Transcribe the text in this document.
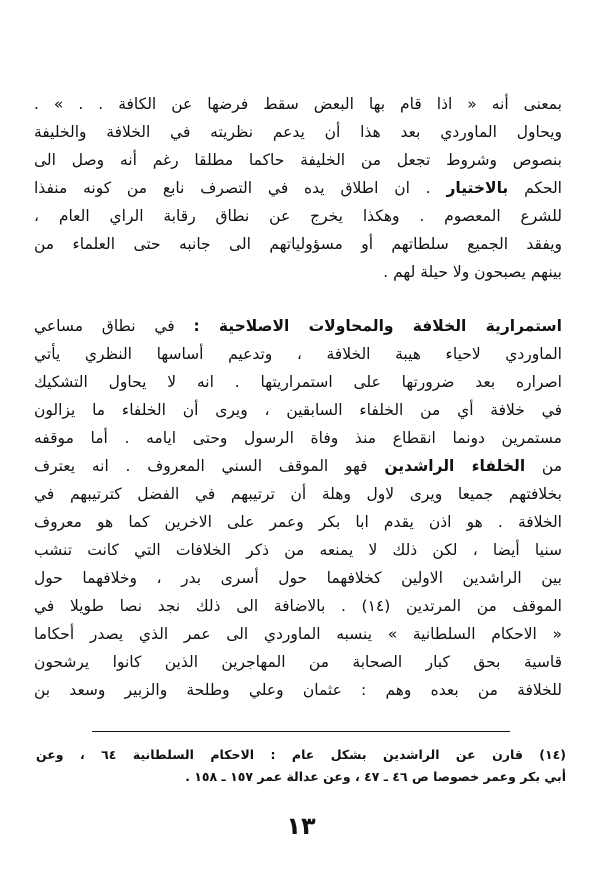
بمعنى أنه « اذا قام بها البعض سقط فرضها عن الكافة . . » .
ويحاول الماوردي بعد هذا أن يدعم نظريته في الخلافة والخليفة
بنصوص وشروط تجعل من الخليفة حاكما مطلقا رغم أنه وصل الى
الحكم بالاختيار . ان اطلاق يده في التصرف نابع من كونه منفذا
للشرع المعصوم . وهكذا يخرج عن نطاق رقابة الراي العام ،
ويفقد الجميع سلطاتهم أو مسؤولياتهم الى جانبه حتى العلماء من
بينهم يصبحون ولا حيلة لهم .
استمرارية الخلافة والمحاولات الاصلاحية : في نطاق مساعي
الماوردي لاحياء هيبة الخلافة ، وتدعيم أساسها النظري يأتي
اصراره بعد ضرورتها على استمراريتها . انه لا يحاول التشكيك
في خلافة أي من الخلفاء السابقين ، ويرى أن الخلفاء ما يزالون
مستمرين دونما انقطاع منذ وفاة الرسول وحتى ايامه . أما موقفه
من الخلفاء الراشدين فهو الموقف السني المعروف . انه يعترف
بخلافتهم جميعا ويرى لاول وهلة أن ترتيبهم في الفضل كترتيبهم في
الخلافة . هو اذن يقدم ابا بكر وعمر على الاخرين كما هو معروف
سنيا أيضا ، لكن ذلك لا يمنعه من ذكر الخلافات التي كانت تنشب
بين الراشدين الاولين كخلافهما حول أسرى بدر ، وخلافهما حول
الموقف من المرتدين (١٤) . بالاضافة الى ذلك نجد نصا طويلا في
« الاحكام السلطانية » ينسبه الماوردي الى عمر الذي يصدر أحكاما
قاسية بحق كبار الصحابة من المهاجرين الذين كانوا يرشحون
للخلافة من بعده وهم : عثمان وعلي وطلحة والزبير وسعد بن
(١٤) قارن عن الراشدين بشكل عام : الاحكام السلطانية ٦٤ ، وعن
أبي بكر وعمر خصوصا ص ٤٦ ـ ٤٧ ، وعن عدالة عمر ١٥٧ ـ ١٥٨ .
١٣
